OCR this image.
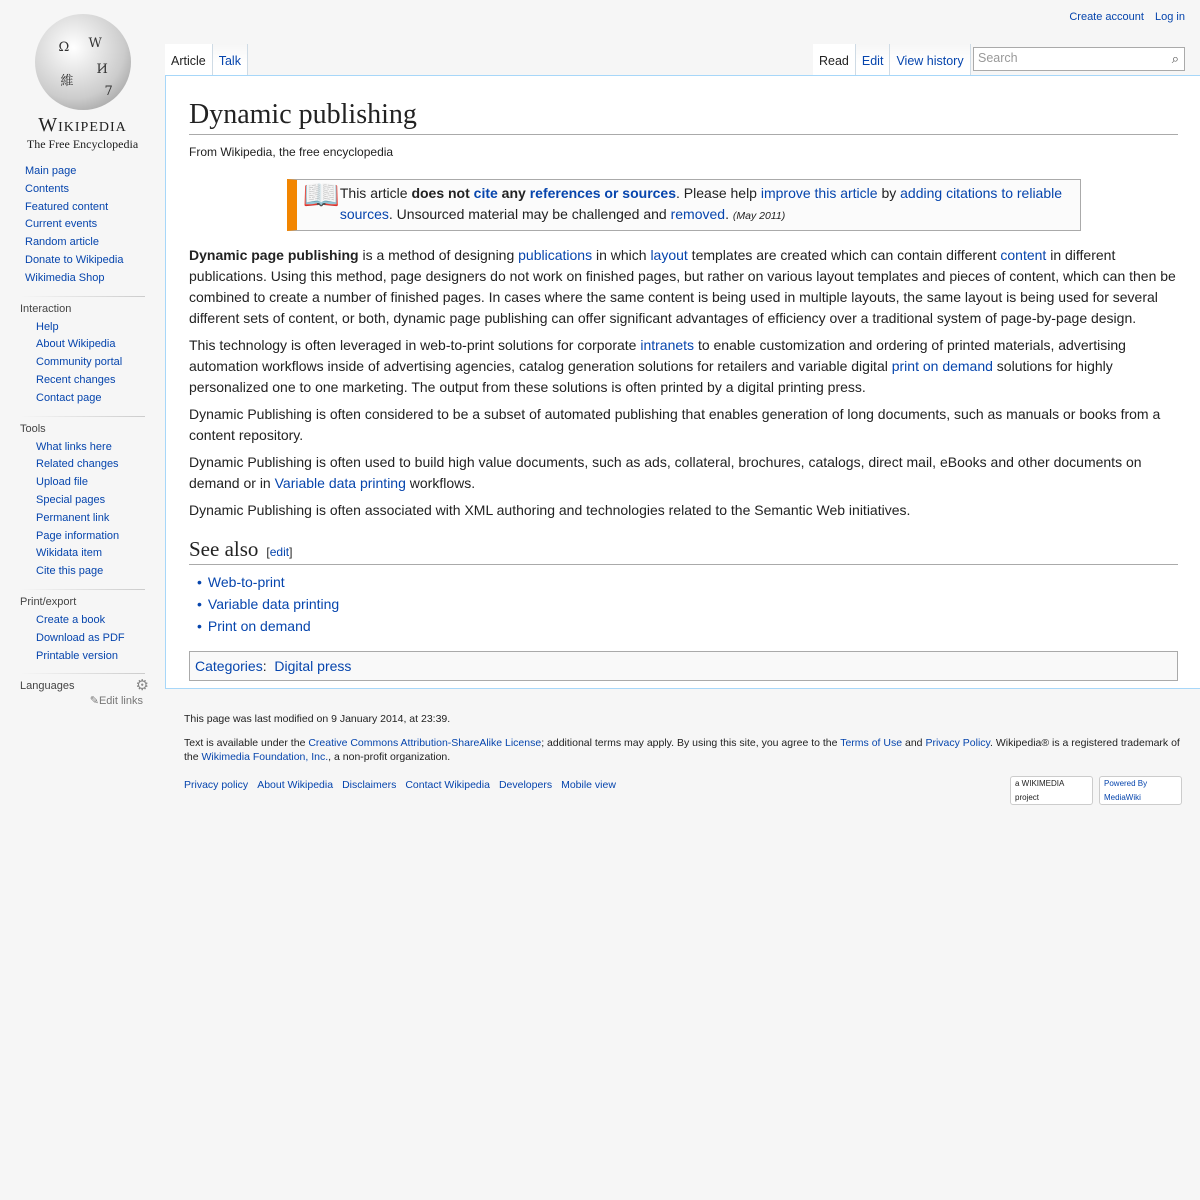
Ω W
И
維
7
Wikipedia
The Free Encyclopedia
Create account Log in
Article	Talk	Read	Edit	View history	Search	⌕
Main page
Contents
Featured content
Current events
Random article
Donate to Wikipedia
Wikimedia Shop
Interaction
Help
About Wikipedia
Community portal
Recent changes
Contact page
Tools
What links here
Related changes
Upload file
Special pages
Permanent link
Page information
Wikidata item
Cite this page
Print/export
Create a book
Download as PDF
Printable version
Languages	⚙
✎Edit links
Dynamic publishing
From Wikipedia, the free encyclopedia
📖 This article does not cite any references or sources. Please help improve this article by adding citations to reliable sources. Unsourced material may be challenged and removed. (May 2011)

Dynamic page publishing is a method of designing publications in which layout templates are created which can contain different content in different publications. Using this method, page designers do not work on finished pages, but rather on various layout templates and pieces of content, which can then be combined to create a number of finished pages. In cases where the same content is being used in multiple layouts, the same layout is being used for several different sets of content, or both, dynamic page publishing can offer significant advantages of efficiency over a traditional system of page-by-page design.

This technology is often leveraged in web-to-print solutions for corporate intranets to enable customization and ordering of printed materials, advertising automation workflows inside of advertising agencies, catalog generation solutions for retailers and variable digital print on demand solutions for highly personalized one to one marketing. The output from these solutions is often printed by a digital printing press.

Dynamic Publishing is often considered to be a subset of automated publishing that enables generation of long documents, such as manuals or books from a content repository.

Dynamic Publishing is often used to build high value documents, such as ads, collateral, brochures, catalogs, direct mail, eBooks and other documents on demand or in Variable data printing workflows.

Dynamic Publishing is often associated with XML authoring and technologies related to the Semantic Web initiatives.

See also [edit]
• Web-to-print
• Variable data printing
• Print on demand
Categories:  Digital press

This page was last modified on 9 January 2014, at 23:39.

Text is available under the Creative Commons Attribution-ShareAlike License; additional terms may apply. By using this site, you agree to the Terms of Use and Privacy Policy. Wikipedia® is a registered trademark of the Wikimedia Foundation, Inc., a non-profit organization.

Privacy policy About Wikipedia Disclaimers Contact Wikipedia Developers Mobile view	a WIKIMEDIA project
Powered By MediaWiki
